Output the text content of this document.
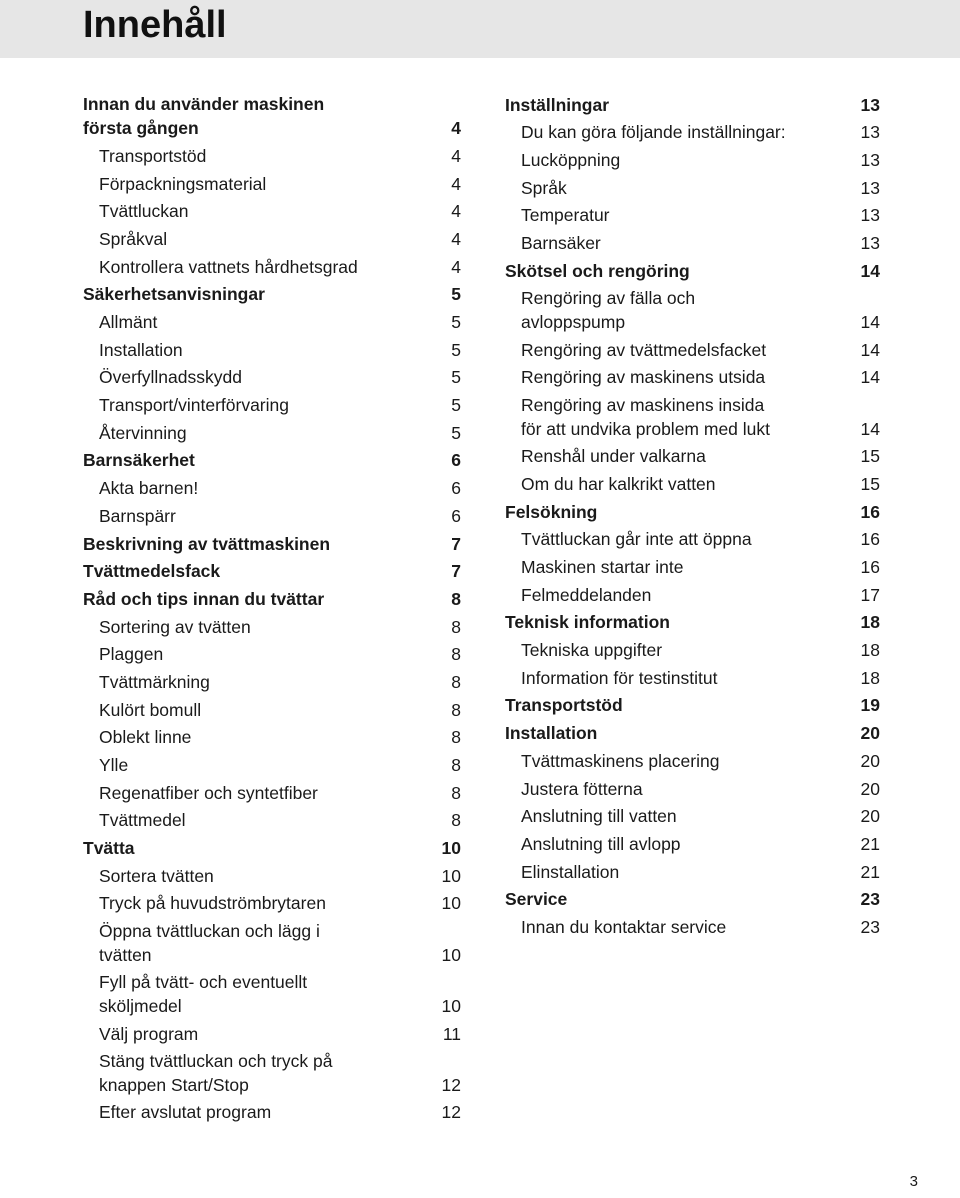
Innehåll
Innan du använder maskinen
första gången	4
Transportstöd	4
Förpackningsmaterial	4
Tvättluckan	4
Språkval	4
Kontrollera vattnets hårdhetsgrad	4
Säkerhetsanvisningar	5
Allmänt	5
Installation	5
Överfyllnadsskydd	5
Transport/vinterförvaring	5
Återvinning	5
Barnsäkerhet	6
Akta barnen!	6
Barnspärr	6
Beskrivning av tvättmaskinen	7
Tvättmedelsfack	7
Råd och tips innan du tvättar	8
Sortering av tvätten	8
Plaggen	8
Tvättmärkning	8
Kulört bomull	8
Oblekt linne	8
Ylle	8
Regenatfiber och syntetfiber	8
Tvättmedel	8
Tvätta	10
Sortera tvätten	10
Tryck på huvudströmbrytaren	10
Öppna tvättluckan och lägg i
tvätten	10
Fyll på tvätt- och eventuellt
sköljmedel	10
Välj program	11
Stäng tvättluckan och tryck på
knappen Start/Stop	12
Efter avslutat program	12
Inställningar	13
Du kan göra följande inställningar:	13
Lucköppning	13
Språk	13
Temperatur	13
Barnsäker	13
Skötsel och rengöring	14
Rengöring av fälla och
avloppspump	14
Rengöring av tvättmedelsfacket	14
Rengöring av maskinens utsida	14
Rengöring av maskinens insida
för att undvika problem med lukt	14
Renshål under valkarna	15
Om du har kalkrikt vatten	15
Felsökning	16
Tvättluckan går inte att öppna	16
Maskinen startar inte	16
Felmeddelanden	17
Teknisk information	18
Tekniska uppgifter	18
Information för testinstitut	18
Transportstöd	19
Installation	20
Tvättmaskinens placering	20
Justera fötterna	20
Anslutning till vatten	20
Anslutning till avlopp	21
Elinstallation	21
Service	23
Innan du kontaktar service	23
3
